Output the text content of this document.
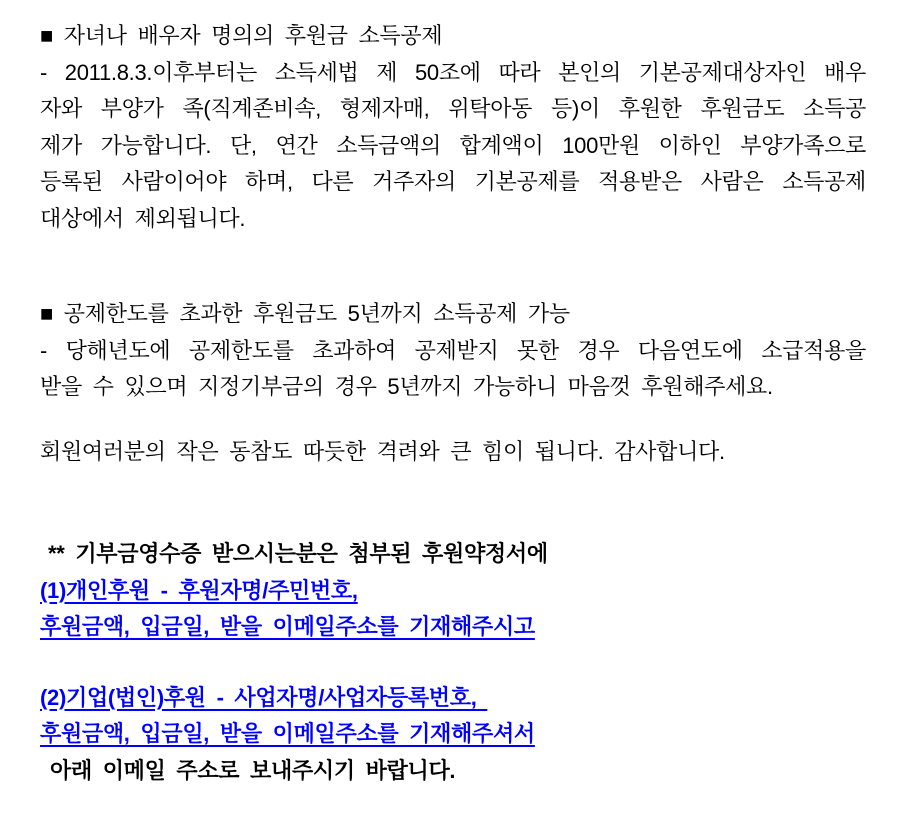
■ 자녀나 배우자 명의의 후원금 소득공제
- 2011.8.3.이후부터는 소득세법 제 50조에 따라 본인의 기본공제대상자인 배우
자와 부양가 족(직계존비속, 형제자매, 위탁아동 등)이 후원한 후원금도 소득공
제가 가능합니다. 단, 연간 소득금액의 합계액이 100만원 이하인 부양가족으로
등록된 사람이어야 하며, 다른 거주자의 기본공제를 적용받은 사람은 소득공제
대상에서 제외됩니다.
■ 공제한도를 초과한 후원금도 5년까지 소득공제 가능
- 당해년도에 공제한도를 초과하여 공제받지 못한 경우 다음연도에 소급적용을
받을 수 있으며 지정기부금의 경우 5년까지 가능하니 마음껏 후원해주세요.
회원여러분의 작은 동참도 따듯한 격려와 큰 힘이 됩니다. 감사합니다.
** 기부금영수증 받으시는분은 첨부된 후원약정서에
(1)개인후원 - 후원자명/주민번호,
후원금액, 입금일, 받을 이메일주소를 기재해주시고
(2)기업(법인)후원 - 사업자명/사업자등록번호,
후원금액, 입금일, 받을 이메일주소를 기재해주셔서
아래 이메일 주소로 보내주시기 바랍니다.
